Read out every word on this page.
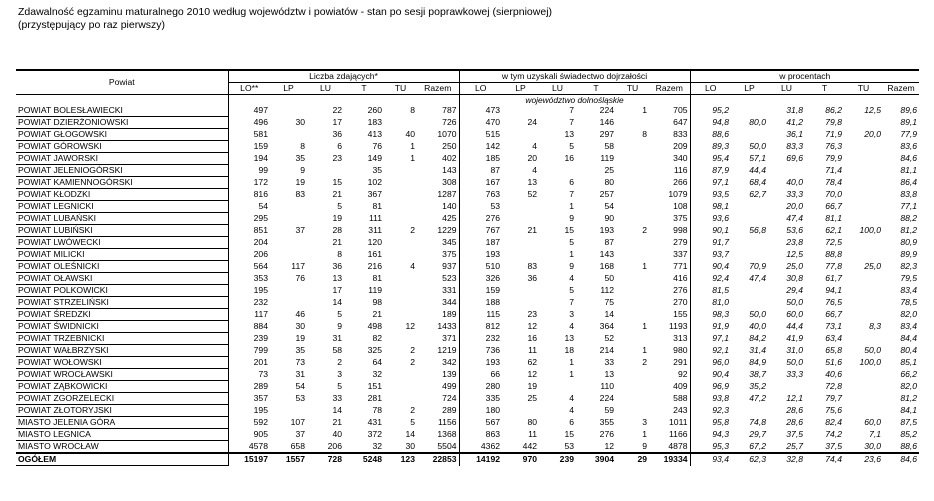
Zdawalność egzaminu maturalnego 2010 według województw i powiatów - stan po sesji poprawkowej (sierpniowej)
(przystępujący po raz pierwszy)
Powiat	Liczba zdających*						w tym uzyskali świadectwo dojrzałości						w procentach					
	LO**	LP	LU	T	TU	Razem	LO	LP	LU	T	TU	Razem	LO	LP	LU	T	TU	Razem
							województwo dolnośląskie											
POWIAT BOLESŁAWIECKI	497		22	260	8	787	473		7	224	1	705	95,2		31,8	86,2	12,5	89,6
POWIAT DZIERŻONIOWSKI	496	30	17	183		726	470	24	7	146		647	94,8	80,0	41,2	79,8		89,1
POWIAT GŁOGOWSKI	581		36	413	40	1070	515		13	297	8	833	88,6		36,1	71,9	20,0	77,9
POWIAT GÓROWSKI	159	8	6	76	1	250	142	4	5	58		209	89,3	50,0	83,3	76,3		83,6
POWIAT JAWORSKI	194	35	23	149	1	402	185	20	16	119		340	95,4	57,1	69,6	79,9		84,6
POWIAT JELENIOGÓRSKI	99	9		35		143	87	4		25		116	87,9	44,4		71,4		81,1
POWIAT KAMIENNOGÓRSKI	172	19	15	102		308	167	13	6	80		266	97,1	68,4	40,0	78,4		86,4
POWIAT KŁODZKI	816	83	21	367		1287	763	52	7	257		1079	93,5	62,7	33,3	70,0		83,8
POWIAT LEGNICKI	54		5	81		140	53		1	54		108	98,1		20,0	66,7		77,1
POWIAT LUBAŃSKI	295		19	111		425	276		9	90		375	93,6		47,4	81,1		88,2
POWIAT LUBIŃSKI	851	37	28	311	2	1229	767	21	15	193	2	998	90,1	56,8	53,6	62,1	100,0	81,2
POWIAT LWÓWECKI	204		21	120		345	187		5	87		279	91,7		23,8	72,5		80,9
POWIAT MILICKI	206		8	161		375	193		1	143		337	93,7		12,5	88,8		89,9
POWIAT OLEŚNICKI	564	117	36	216	4	937	510	83	9	168	1	771	90,4	70,9	25,0	77,8	25,0	82,3
POWIAT OŁAWSKI	353	76	13	81		523	326	36	4	50		416	92,4	47,4	30,8	61,7		79,5
POWIAT POLKOWICKI	195		17	119		331	159		5	112		276	81,5		29,4	94,1		83,4
POWIAT STRZELIŃSKI	232		14	98		344	188		7	75		270	81,0		50,0	76,5		78,5
POWIAT ŚREDZKI	117	46	5	21		189	115	23	3	14		155	98,3	50,0	60,0	66,7		82,0
POWIAT ŚWIDNICKI	884	30	9	498	12	1433	812	12	4	364	1	1193	91,9	40,0	44,4	73,1	8,3	83,4
POWIAT TRZEBNICKI	239	19	31	82		371	232	16	13	52		313	97,1	84,2	41,9	63,4		84,4
POWIAT WAŁBRZYSKI	799	35	58	325	2	1219	736	11	18	214	1	980	92,1	31,4	31,0	65,8	50,0	80,4
POWIAT WOŁOWSKI	201	73	2	64	2	342	193	62	1	33	2	291	96,0	84,9	50,0	51,6	100,0	85,1
POWIAT WROCŁAWSKI	73	31	3	32		139	66	12	1	13		92	90,4	38,7	33,3	40,6		66,2
POWIAT ZĄBKOWICKI	289	54	5	151		499	280	19		110		409	96,9	35,2		72,8		82,0
POWIAT ZGORZELECKI	357	53	33	281		724	335	25	4	224		588	93,8	47,2	12,1	79,7		81,2
POWIAT ZŁOTORYJSKI	195		14	78	2	289	180		4	59		243	92,3		28,6	75,6		84,1
MIASTO JELENIA GÓRA	592	107	21	431	5	1156	567	80	6	355	3	1011	95,8	74,8	28,6	82,4	60,0	87,5
MIASTO LEGNICA	905	37	40	372	14	1368	863	11	15	276	1	1166	94,3	29,7	37,5	74,2	7,1	85,2
MIASTO WROCŁAW	4578	658	206	32	30	5504	4362	442	53	12	9	4878	95,3	67,2	25,7	37,5	30,0	88,6
OGÓŁEM	15197	1557	728	5248	123	22853	14192	970	239	3904	29	19334	93,4	62,3	32,8	74,4	23,6	84,6
